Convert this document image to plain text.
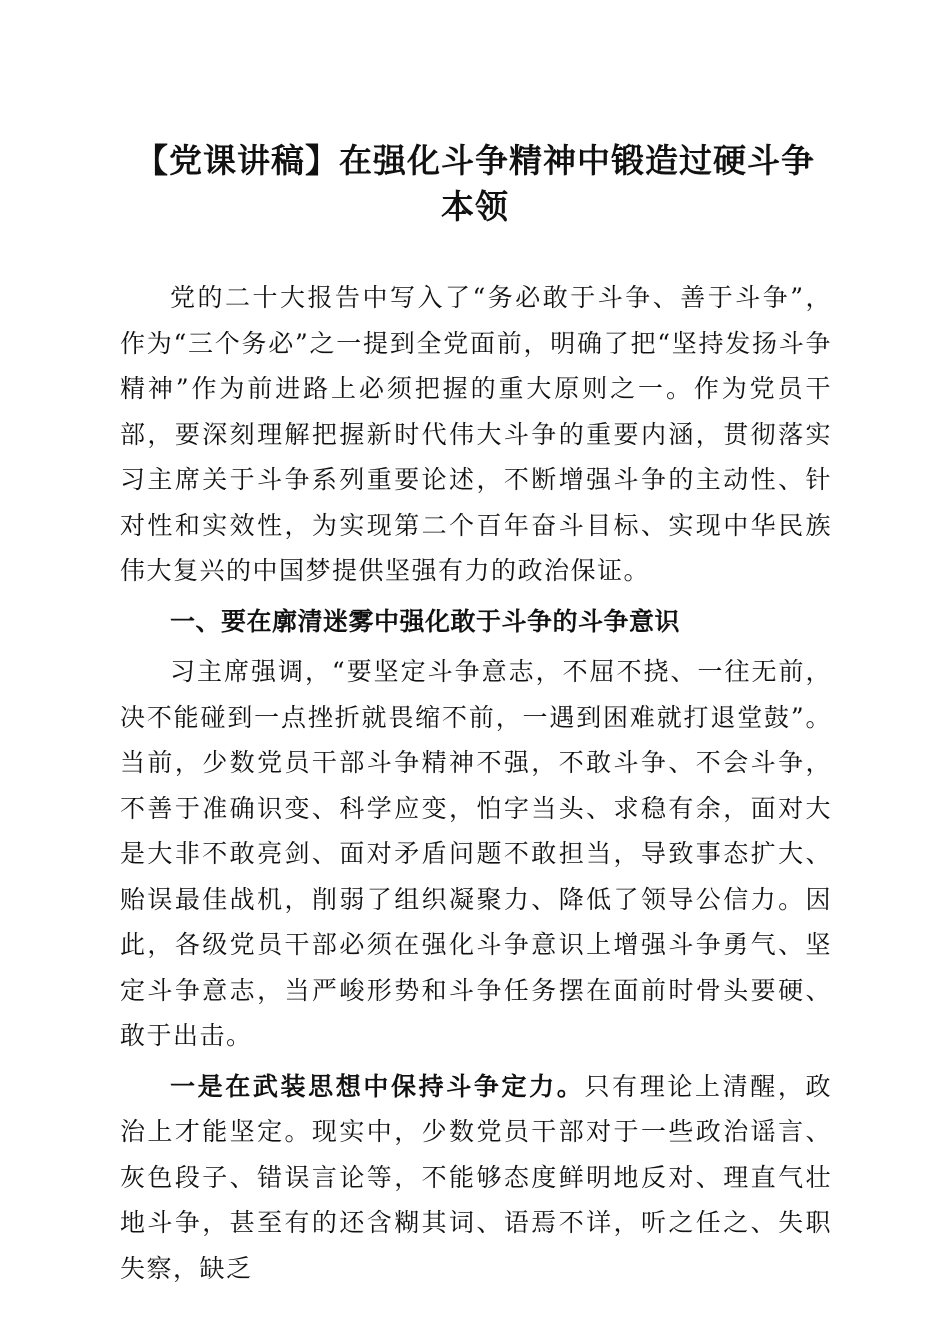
【党课讲稿】在强化斗争精神中锻造过硬斗争
本领

党的二十大报告中写入了“务必敢于斗争、善于斗争”，作为“三个务必”之一提到全党面前，明确了把“坚持发扬斗争精神”作为前进路上必须把握的重大原则之一。作为党员干部，要深刻理解把握新时代伟大斗争的重要内涵，贯彻落实习主席关于斗争系列重要论述，不断增强斗争的主动性、针对性和实效性，为实现第二个百年奋斗目标、实现中华民族伟大复兴的中国梦提供坚强有力的政治保证。

一、要在廓清迷雾中强化敢于斗争的斗争意识

习主席强调，“要坚定斗争意志，不屈不挠、一往无前，决不能碰到一点挫折就畏缩不前，一遇到困难就打退堂鼓”。当前，少数党员干部斗争精神不强，不敢斗争、不会斗争，不善于准确识变、科学应变，怕字当头、求稳有余，面对大是大非不敢亮剑、面对矛盾问题不敢担当，导致事态扩大、贻误最佳战机，削弱了组织凝聚力、降低了领导公信力。因此，各级党员干部必须在强化斗争意识上增强斗争勇气、坚定斗争意志，当严峻形势和斗争任务摆在面前时骨头要硬、敢于出击。

一是在武装思想中保持斗争定力。只有理论上清醒，政治上才能坚定。现实中，少数党员干部对于一些政治谣言、灰色段子、错误言论等，不能够态度鲜明地反对、理直气壮地斗争，甚至有的还含糊其词、语焉不详，听之任之、失职失察，缺乏
